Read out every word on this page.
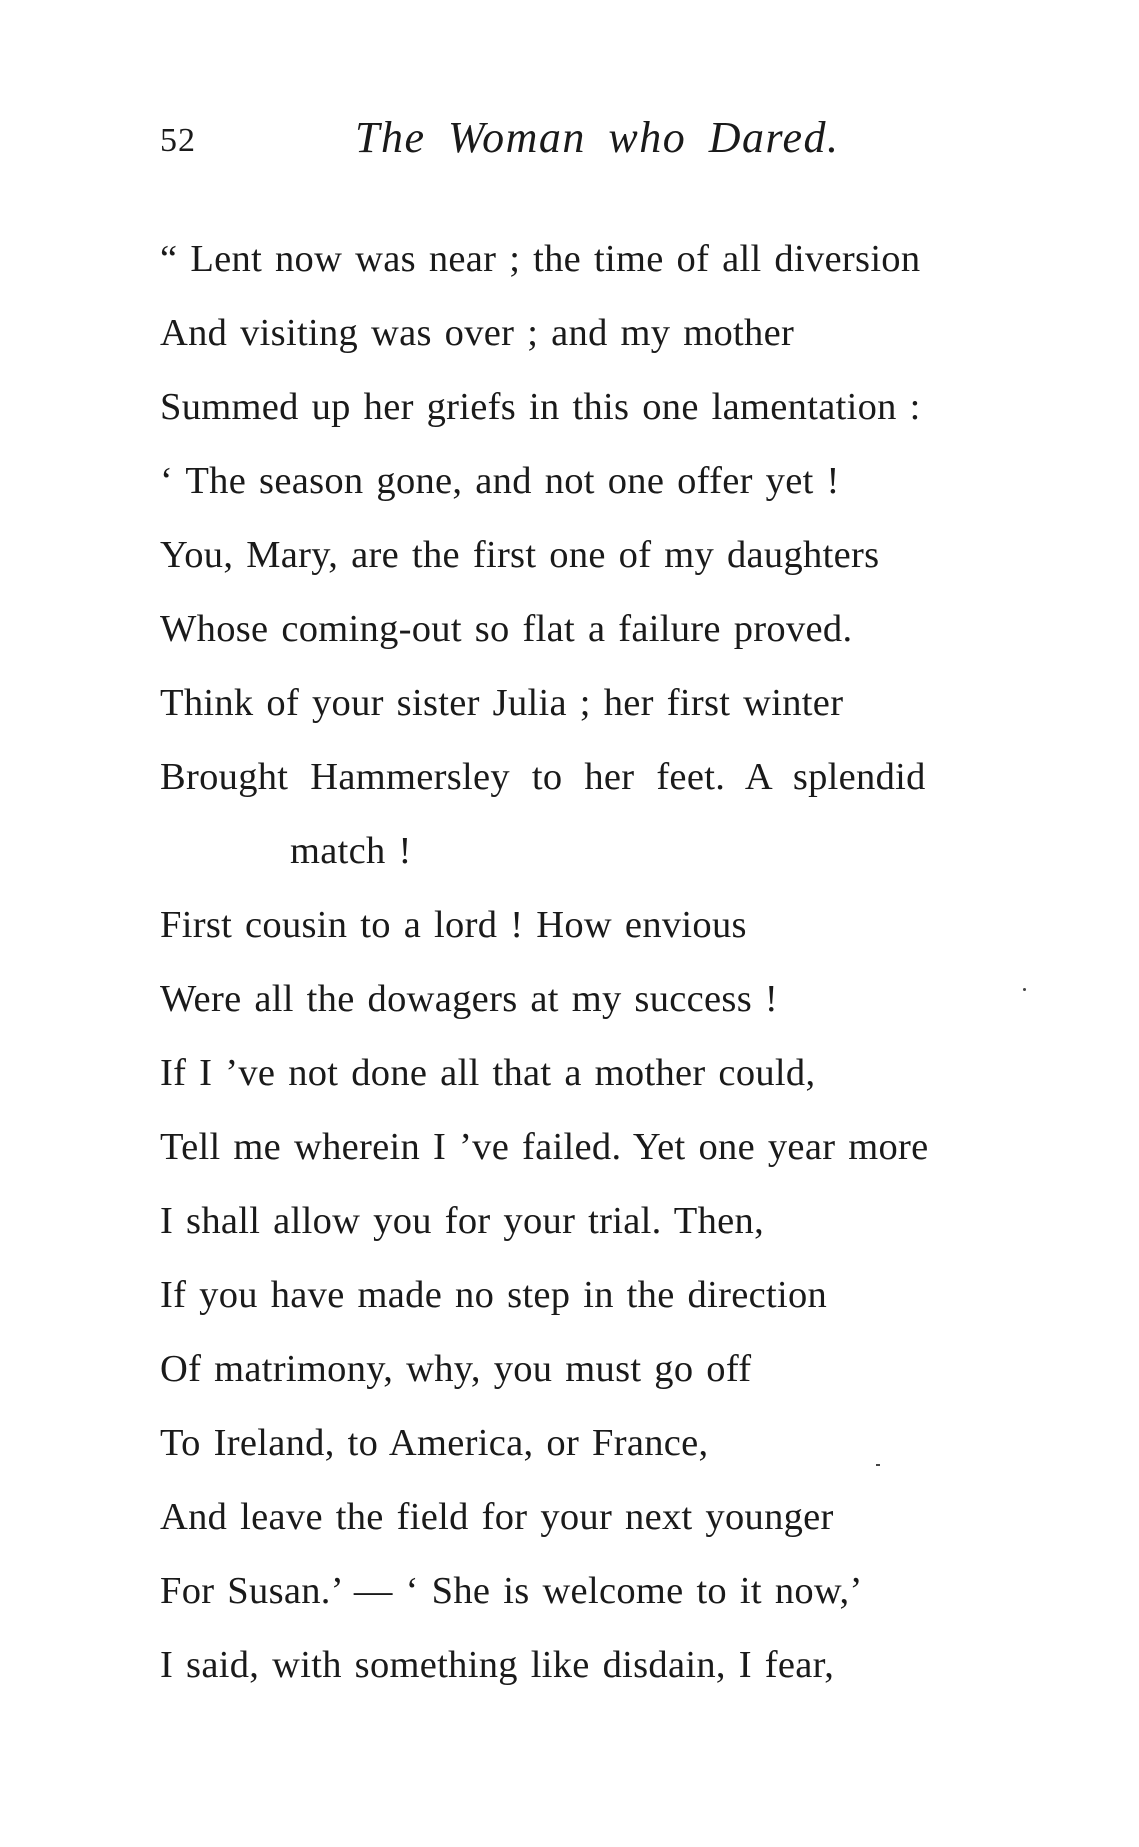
52	The Woman who Dared.
“ Lent now was near ; the time of all diversion
And visiting was over ; and my mother
Summed up her griefs in this one lamentation :
‘ The season gone, and not one offer yet !
You, Mary, are the first one of my daughters
Whose coming-out so flat a failure proved.
Think of your sister Julia ; her first winter
Brought Hammersley to her feet. A splendid
match !
First cousin to a lord ! How envious
Were all the dowagers at my success !
If I ’ve not done all that a mother could,
Tell me wherein I ’ve failed. Yet one year more
I shall allow you for your trial. Then,
If you have made no step in the direction
Of matrimony, why, you must go off
To Ireland, to America, or France,
And leave the field for your next younger
For Susan.’ — ‘ She is welcome to it now,’
I said, with something like disdain, I fear,
